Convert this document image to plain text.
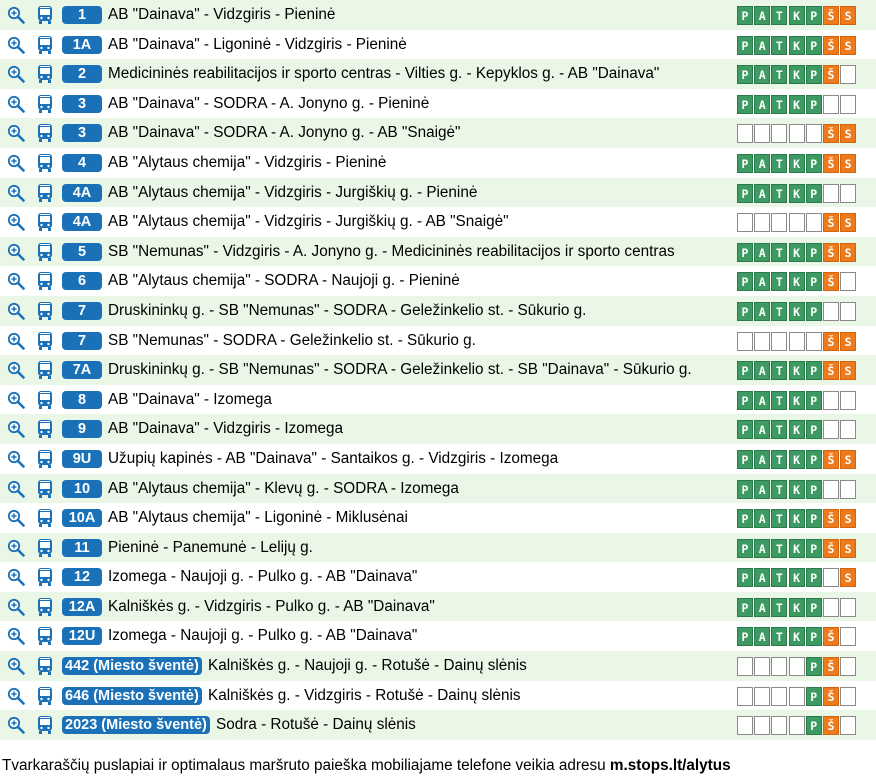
1	AB "Dainava" - Vidzgiris - Pieninė	P A T K P Š S
1A	AB "Dainava" - Ligoninė - Vidzgiris - Pieninė	P A T K P Š S
2	Medicininės reabilitacijos ir sporto centras - Vilties g. - Kepyklos g. - AB "Dainava"	P A T K P Š
3	AB "Dainava" - SODRA - A. Jonyno g. - Pieninė	P A T K P
3	AB "Dainava" - SODRA - A. Jonyno g. - AB "Snaigė"	Š S
4	AB "Alytaus chemija" - Vidzgiris - Pieninė	P A T K P Š S
4A	AB "Alytaus chemija" - Vidzgiris - Jurgiškių g. - Pieninė	P A T K P
4A	AB "Alytaus chemija" - Vidzgiris - Jurgiškių g. - AB "Snaigė"	Š S
5	SB "Nemunas" - Vidzgiris - A. Jonyno g. - Medicininės reabilitacijos ir sporto centras	P A T K P Š S
6	AB "Alytaus chemija" - SODRA - Naujoji g. - Pieninė	P A T K P Š
7	Druskininkų g. - SB "Nemunas" - SODRA - Geležinkelio st. - Sūkurio g.	P A T K P
7	SB "Nemunas" - SODRA - Geležinkelio st. - Sūkurio g.	Š S
7A	Druskininkų g. - SB "Nemunas" - SODRA - Geležinkelio st. - SB "Dainava" - Sūkurio g.	P A T K P Š S
8	AB "Dainava" - Izomega	P A T K P
9	AB "Dainava" - Vidzgiris - Izomega	P A T K P
9U	Užupių kapinės - AB "Dainava" - Santaikos g. - Vidzgiris - Izomega	P A T K P Š S
10	AB "Alytaus chemija" - Klevų g. - SODRA - Izomega	P A T K P
10A AB "Alytaus chemija" - Ligoninė - Miklusėnai	P A T K P Š S
11	Pieninė - Panemunė - Lelijų g.	P A T K P Š S
12	Izomega - Naujoji g. - Pulko g. - AB "Dainava"	P A T K P	S
12A Kalniškės g. - Vidzgiris - Pulko g. - AB "Dainava"	P A T K P
12U Izomega - Naujoji g. - Pulko g. - AB "Dainava"	P A T K P Š
442 (Miesto šventė) Kalniškės g. - Naujoji g. - Rotušė - Dainų slėnis	P Š
646 (Miesto šventė) Kalniškės g. - Vidzgiris - Rotušė - Dainų slėnis	P Š
2023 (Miesto šventė) Sodra - Rotušė - Dainų slėnis	P Š
Tvarkaraščių puslapiai ir optimalaus maršruto paieška mobiliajame telefone veikia adresu m.stops.lt/alytus
